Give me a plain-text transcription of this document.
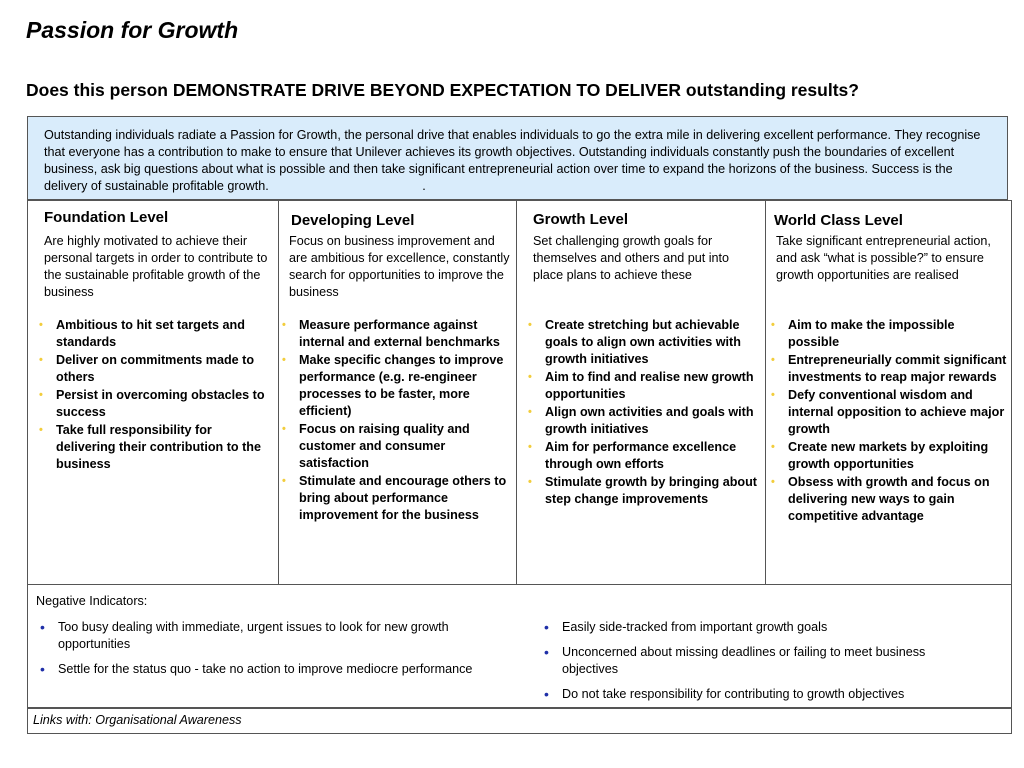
Passion for Growth
Does this person DEMONSTRATE DRIVE BEYOND EXPECTATION TO DELIVER outstanding results?
Outstanding individuals radiate a Passion for Growth, the personal drive that enables individuals to go the extra mile in delivering excellent performance. They recognise that everyone has a contribution to make to ensure that Unilever achieves its growth objectives. Outstanding individuals constantly push the boundaries of excellent business, ask big questions about what is possible and then take significant entrepreneurial action over time to expand the horizons of the business. Success is the delivery of sustainable profitable growth.	.
Foundation Level

Are highly motivated to achieve their personal targets in order to contribute to the sustainable profitable growth of the business

• Ambitious to hit set targets and standards
• Deliver on commitments made to others
• Persist in overcoming obstacles to success
• Take full responsibility for delivering their contribution to the business
Developing Level

Focus on business improvement and are ambitious for excellence, constantly search for opportunities to improve the business

• Measure performance against internal and external benchmarks
• Make specific changes to improve performance (e.g. re-engineer processes to be faster, more efficient)
• Focus on raising quality and customer and consumer satisfaction
• Stimulate and encourage others to bring about performance improvement for the business
Growth Level

Set challenging growth goals for themselves and others and put into place plans to achieve these

• Create stretching but achievable goals to align own activities with growth initiatives
• Aim to find and realise new growth opportunities
• Align own activities and goals with growth initiatives
• Aim for performance excellence through own efforts
• Stimulate growth by bringing about step change improvements
World Class Level

Take significant entrepreneurial action, and ask “what is possible?” to ensure growth opportunities are realised

• Aim to make the impossible possible
• Entrepreneurially commit significant investments to reap major rewards
• Defy conventional wisdom and internal opposition to achieve major growth
• Create new markets by exploiting growth opportunities
• Obsess with growth and focus on delivering new ways to gain competitive advantage

Negative Indicators:

• Too busy dealing with immediate, urgent issues to look for new growth opportunities
• Settle for the status quo - take no action to improve mediocre performance
• Easily side-tracked from important growth goals
• Unconcerned about missing deadlines or failing to meet business objectives
• Do not take responsibility for contributing to growth objectives
Links with: Organisational Awareness
